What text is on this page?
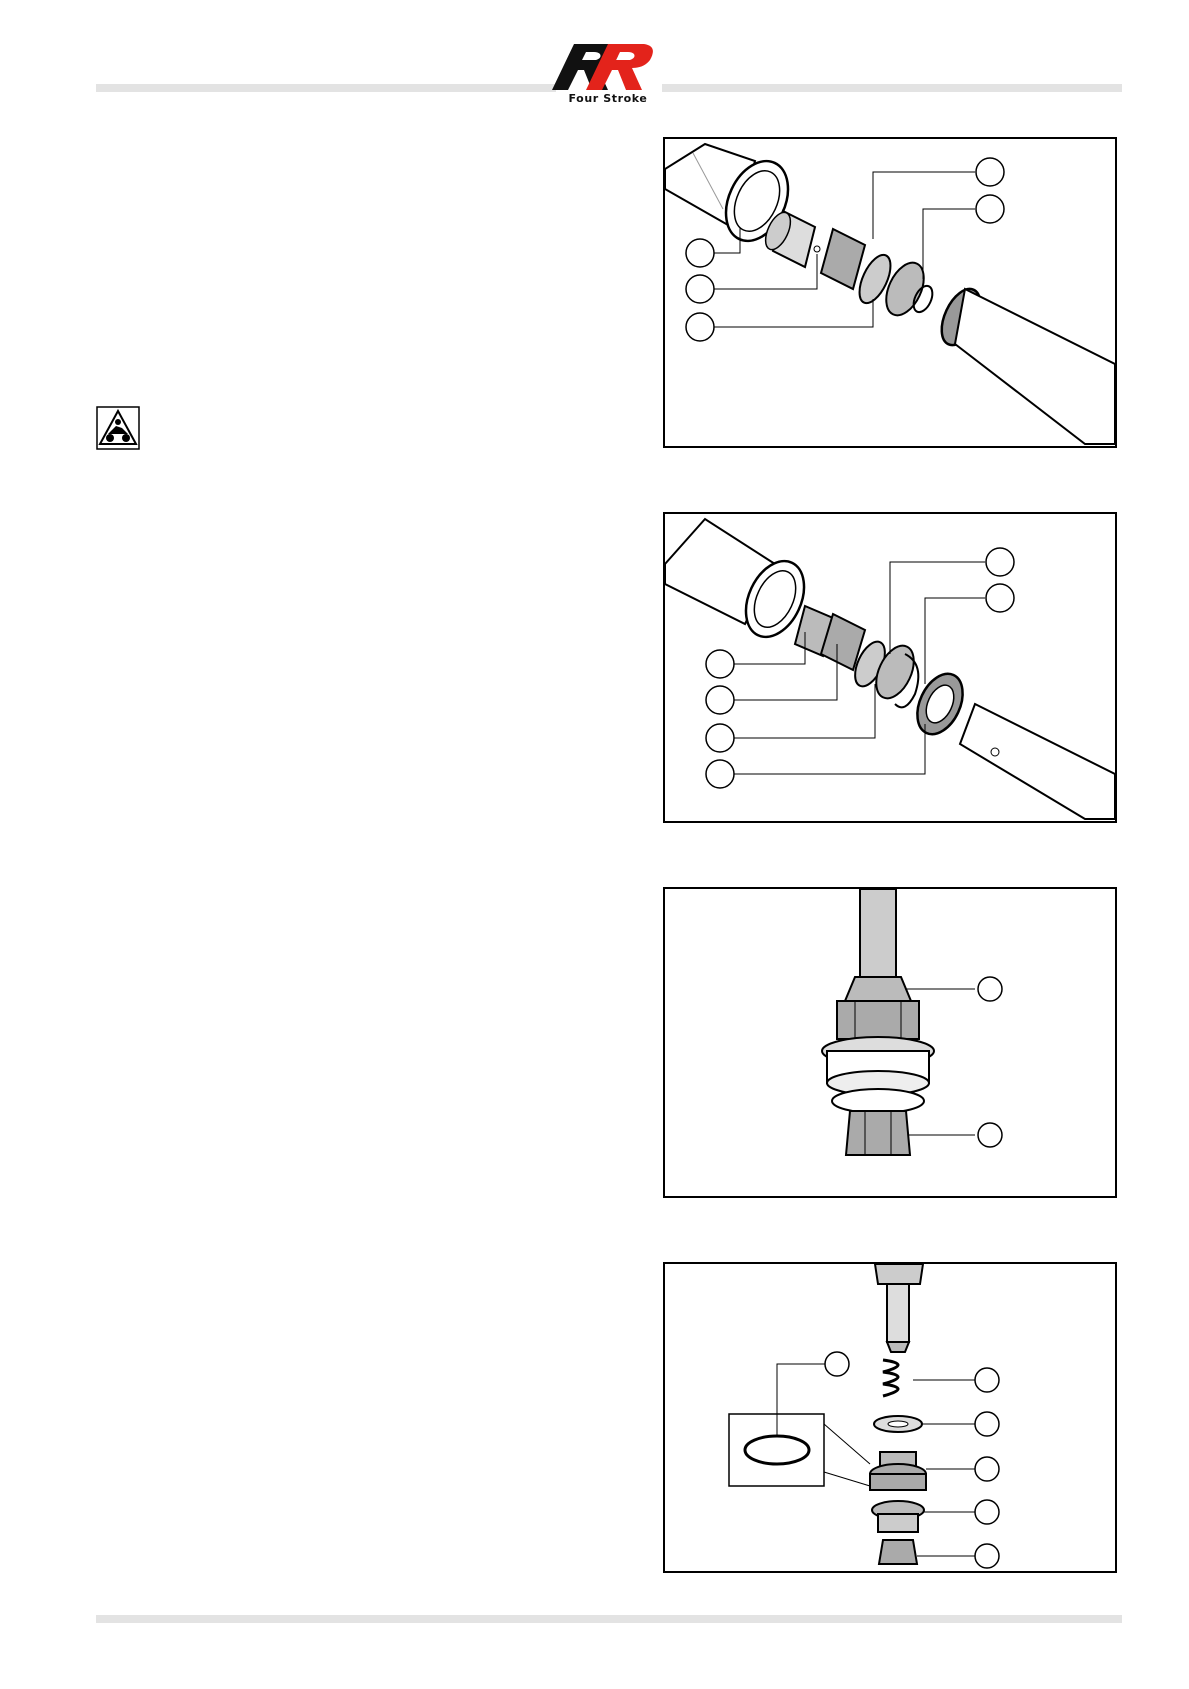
Four Stroke
